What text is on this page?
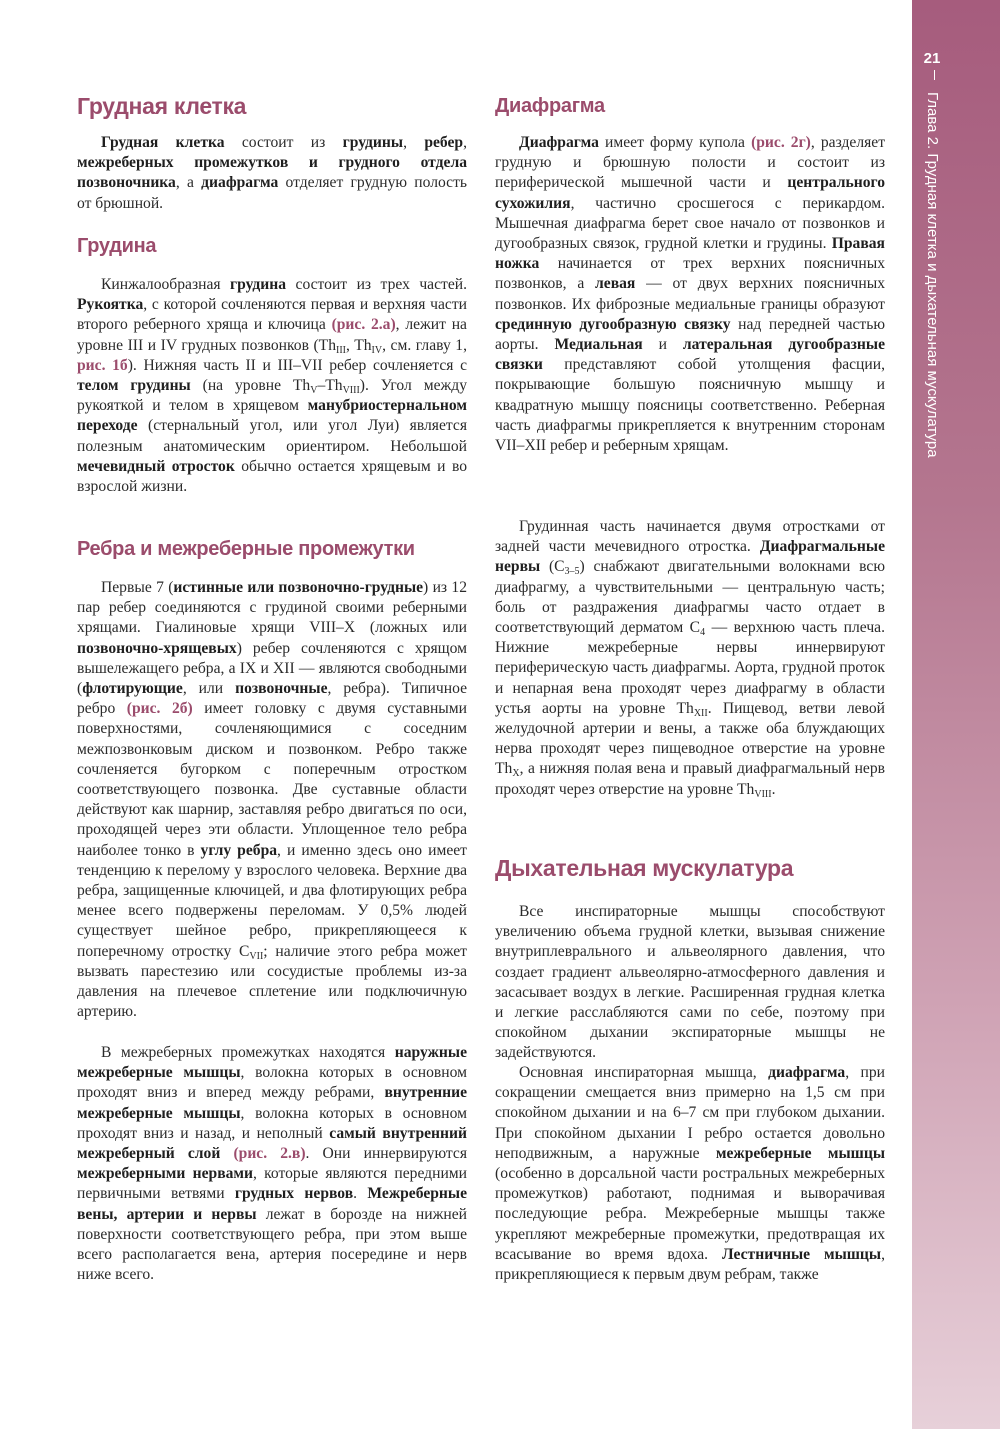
Грудная клетка

Грудная клетка состоит из грудины, ребер, межреберных промежутков и грудного отдела позвоночника, а диафрагма отделяет грудную полость от брюшной.

Грудина

Кинжалообразная грудина состоит из трех частей. Рукоятка, с которой сочленяются первая и верхняя части второго реберного хряща и ключица (рис. 2.а), лежит на уровне III и IV грудных позвонков ($Th_{III}$, $Th_{IV}$, см. главу 1, рис. 1б). Нижняя часть II и III–VII ребер сочленяется с телом грудины (на уровне $Th_V-Th_{VIII}$). Угол между рукояткой и телом в хрящевом манубриостернальном переходе (стернальный угол, или угол Луи) является полезным анатомическим ориентиром. Небольшой мечевидный отросток обычно остается хрящевым и во взрослой жизни.

Ребра и межреберные промежутки

Первые 7 (истинные или позвоночно-грудные) из 12 пар ребер соединяются с грудиной своими реберными хрящами. Гиалиновые хрящи VIII–X (ложных или позвоночно-хрящевых) ребер сочленяются с хрящом вышележащего ребра, а IX и XII — являются свободными (флотирующие, или позвоночные, ребра). Типичное ребро (рис. 2б) имеет головку с двумя суставными поверхностями, сочленяющимися с соседним межпозвонковым диском и позвонком. Ребро также сочленяется бугорком с поперечным отростком соответствующего позвонка. Две суставные области действуют как шарнир, заставляя ребро двигаться по оси, проходящей через эти области. Уплощенное тело ребра наиболее тонко в углу ребра, и именно здесь оно имеет тенденцию к перелому у взрослого человека. Верхние два ребра, защищенные ключицей, и два флотирующих ребра менее всего подвержены переломам. У 0,5% людей существует шейное ребро, прикрепляющееся к поперечному отростку $C_{VII}$; наличие этого ребра может вызвать парестезию или сосудистые проблемы из-за давления на плечевое сплетение или подключичную артерию.

В межреберных промежутках находятся наружные межреберные мышцы, волокна которых в основном проходят вниз и вперед между ребрами, внутренние межреберные мышцы, волокна которых в основном проходят вниз и назад, и неполный самый внутренний межреберный слой (рис. 2.в). Они иннервируются межреберными нервами, которые являются передними первичными ветвями грудных нервов. Межреберные вены, артерии и нервы лежат в борозде на нижней поверхности соответствующего ребра, при этом выше всего располагается вена, артерия посередине и нерв ниже всего.

Диафрагма

Диафрагма имеет форму купола (рис. 2г), разделяет грудную и брюшную полости и состоит из периферической мышечной части и центрального сухожилия, частично сросшегося с перикардом. Мышечная диафрагма берет свое начало от позвонков и дугообразных связок, грудной клетки и грудины. Правая ножка начинается от трех верхних поясничных позвонков, а левая — от двух верхних поясничных позвонков. Их фиброзные медиальные границы образуют срединную дугообразную связку над передней частью аорты. Медиальная и латеральная дугообразные связки представляют собой утолщения фасции, покрывающие большую поясничную мышцу и квадратную мышцу поясницы соответственно. Реберная часть диафрагмы прикрепляется к внутренним сторонам VII–XII ребер и реберным хрящам.

Грудинная часть начинается двумя отростками от задней части мечевидного отростка. Диафрагмальные нервы $(C_{3-5})$ снабжают двигательными волокнами всю диафрагму, а чувствительными — центральную часть; боль от раздражения диафрагмы часто отдает в соответствующий дерматом $C_4$ — верхнюю часть плеча. Нижние межреберные нервы иннервируют периферическую часть диафрагмы. Аорта, грудной проток и непарная вена проходят через диафрагму в области устья аорты на уровне $Th_{XII}$. Пищевод, ветви левой желудочной артерии и вены, а также оба блуждающих нерва проходят через пищеводное отверстие на уровне $Th_X$, а нижняя полая вена и правый диафрагмальный нерв проходят через отверстие на уровне $Th_{VIII}$.

Дыхательная мускулатура

Все инспираторные мышцы способствуют увеличению объема грудной клетки, вызывая снижение внутриплеврального и альвеолярного давления, что создает градиент альвеолярно-атмосферного давления и засасывает воздух в легкие. Расширенная грудная клетка и легкие расслабляются сами по себе, поэтому при спокойном дыхании экспираторные мышцы не задействуются.

Основная инспираторная мышца, диафрагма, при сокращении смещается вниз примерно на 1,5 см при спокойном дыхании и на 6–7 см при глубоком дыхании. При спокойном дыхании I ребро остается довольно неподвижным, а наружные межреберные мышцы (особенно в дорсальной части ростральных межреберных промежутков) работают, поднимая и выворачивая последующие ребра. Межреберные мышцы также укрепляют межреберные промежутки, предотвращая их всасывание во время вдоха. Лестничные мышцы, прикрепляющиеся к первым двум ребрам, также

21
Глава 2. Грудная клетка и дыхательная мускулатура
